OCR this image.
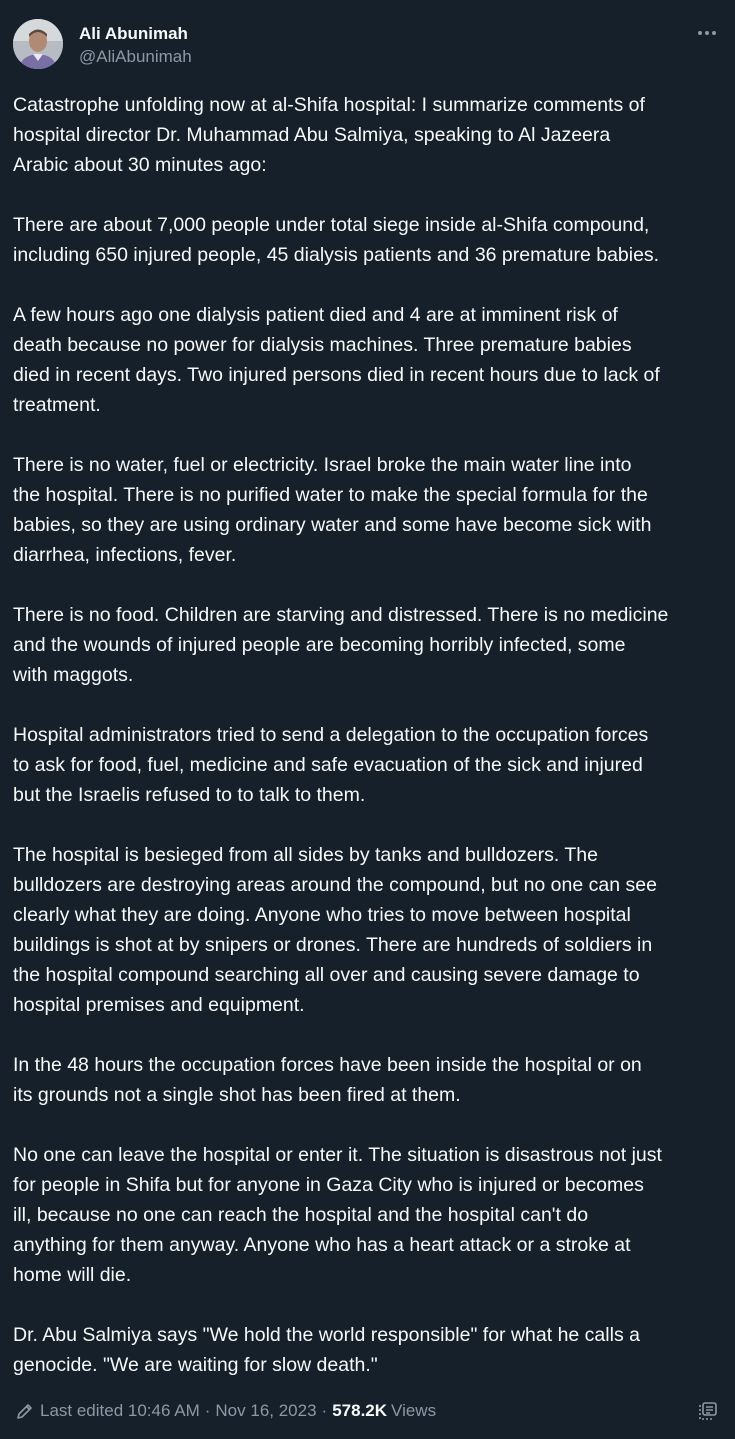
Ali Abunimah
@AliAbunimah

Catastrophe unfolding now at al-Shifa hospital: I summarize comments of
hospital director Dr. Muhammad Abu Salmiya, speaking to Al Jazeera
Arabic about 30 minutes ago:

There are about 7,000 people under total siege inside al-Shifa compound,
including 650 injured people, 45 dialysis patients and 36 premature babies.

A few hours ago one dialysis patient died and 4 are at imminent risk of
death because no power for dialysis machines. Three premature babies
died in recent days. Two injured persons died in recent hours due to lack of
treatment.

There is no water, fuel or electricity. Israel broke the main water line into
the hospital. There is no purified water to make the special formula for the
babies, so they are using ordinary water and some have become sick with
diarrhea, infections, fever.

There is no food. Children are starving and distressed. There is no medicine
and the wounds of injured people are becoming horribly infected, some
with maggots.

Hospital administrators tried to send a delegation to the occupation forces
to ask for food, fuel, medicine and safe evacuation of the sick and injured
but the Israelis refused to to talk to them.

The hospital is besieged from all sides by tanks and bulldozers. The
bulldozers are destroying areas around the compound, but no one can see
clearly what they are doing. Anyone who tries to move between hospital
buildings is shot at by snipers or drones. There are hundreds of soldiers in
the hospital compound searching all over and causing severe damage to
hospital premises and equipment.

In the 48 hours the occupation forces have been inside the hospital or on
its grounds not a single shot has been fired at them.

No one can leave the hospital or enter it. The situation is disastrous not just
for people in Shifa but for anyone in Gaza City who is injured or becomes
ill, because no one can reach the hospital and the hospital can't do
anything for them anyway. Anyone who has a heart attack or a stroke at
home will die.

Dr. Abu Salmiya says "We hold the world responsible" for what he calls a
genocide. "We are waiting for slow death."

Last edited 10:46 AM · Nov 16, 2023 · 578.2K Views
